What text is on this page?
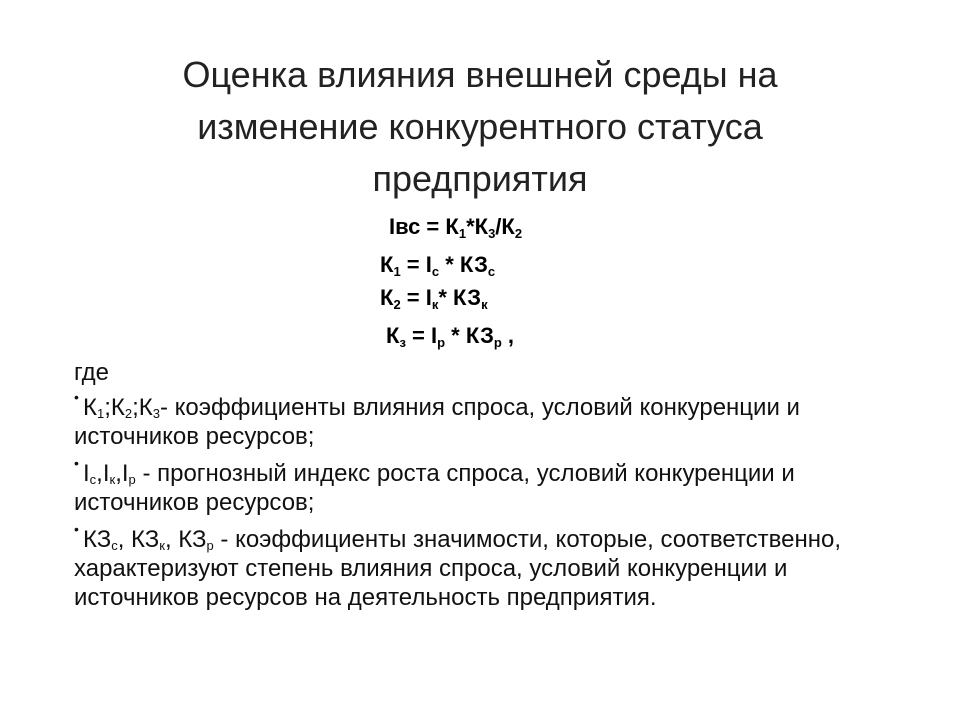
Оценка влияния внешней среды на
изменение конкурентного статуса
предприятия
Iвс = $К_1*К_3/К_2$
$К_1 = I_с * КЗ_с$
$К_2 = I_к*$ $КЗ_к$
$К_з = I_р * КЗ_р$ ,
где
• $К_1;К_2;К_3-$ коэффициенты влияния спроса, условий конкуренции и источников ресурсов;
• $I_с,I_к,I_р$ - прогнозный индекс роста спроса, условий конкуренции и источников ресурсов;
• $КЗ_с$, $КЗ_к$, $КЗ_р$ - коэффициенты значимости, которые, соответственно, характеризуют степень влияния спроса, условий конкуренции и источников ресурсов на деятельность предприятия.
